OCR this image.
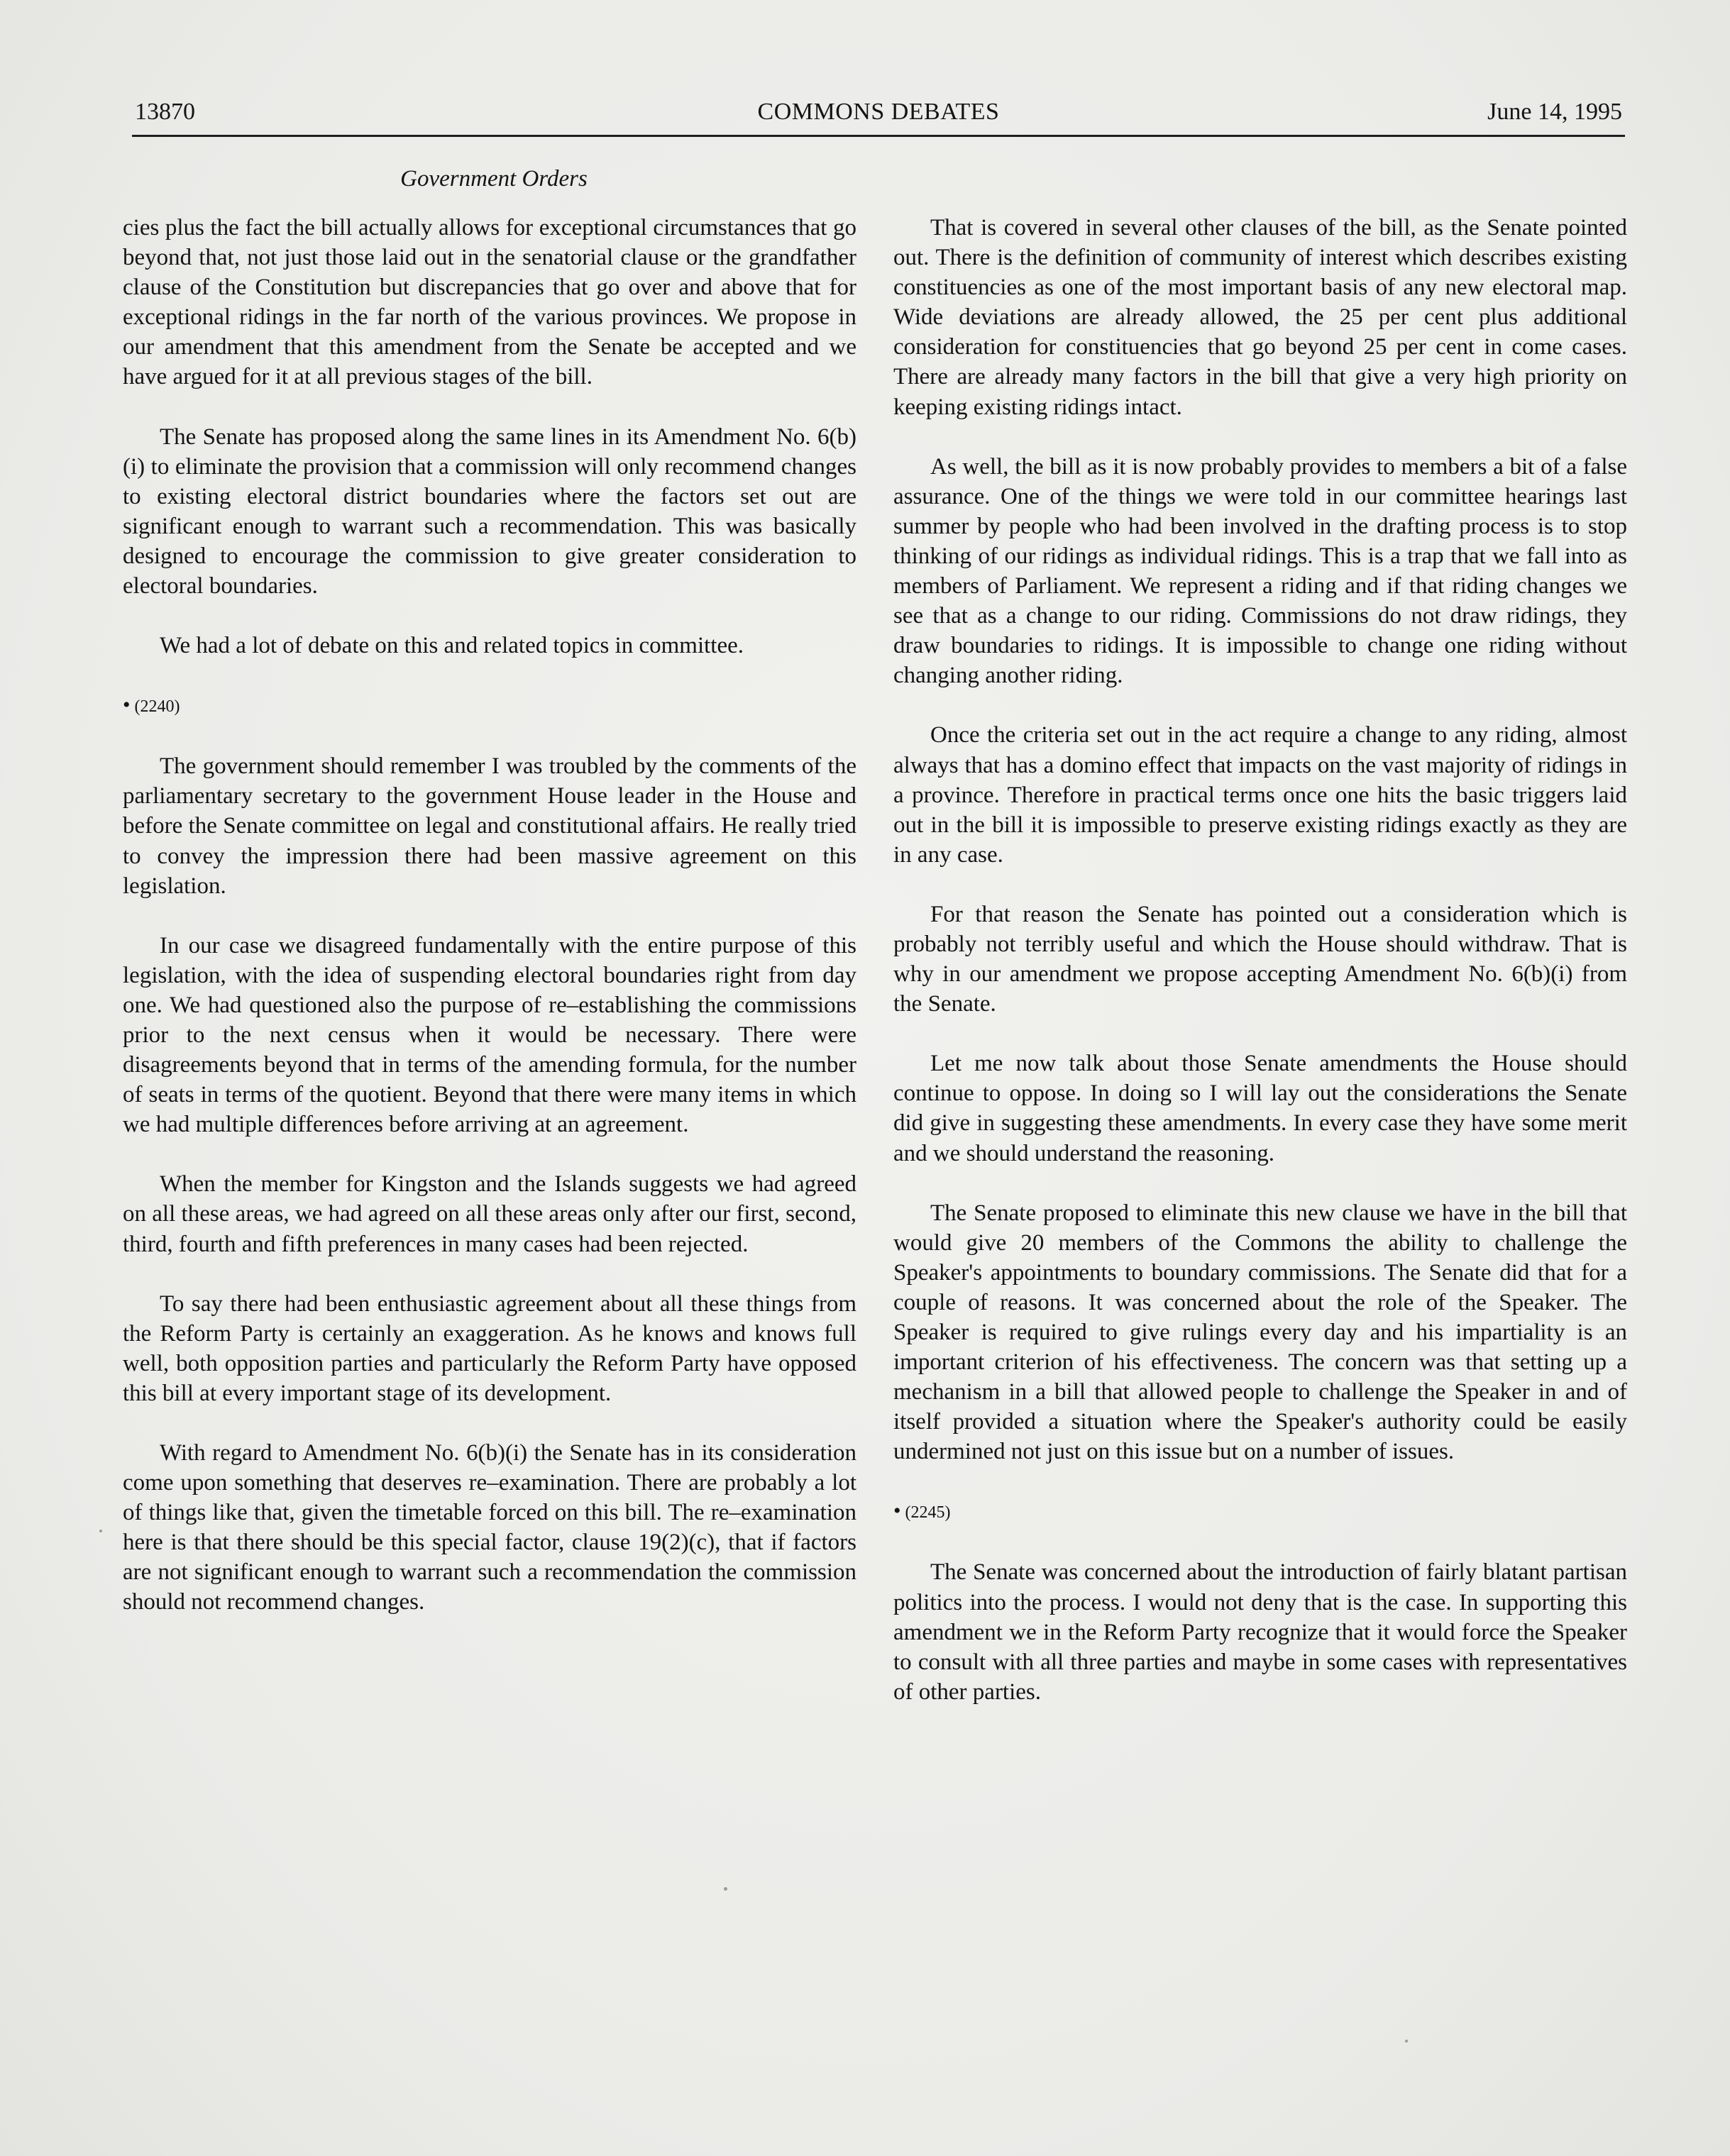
13870	COMMONS DEBATES	June 14, 1995
Government Orders

cies plus the fact the bill actually allows for exceptional circumstances that go beyond that, not just those laid out in the senatorial clause or the grandfather clause of the Constitution but discrepancies that go over and above that for exceptional ridings in the far north of the various provinces. We propose in our amendment that this amendment from the Senate be accepted and we have argued for it at all previous stages of the bill.

The Senate has proposed along the same lines in its Amendment No. 6(b)(i) to eliminate the provision that a commission will only recommend changes to existing electoral district boundaries where the factors set out are significant enough to warrant such a recommendation. This was basically designed to encourage the commission to give greater consideration to electoral boundaries.

We had a lot of debate on this and related topics in committee.

• (2240)

The government should remember I was troubled by the comments of the parliamentary secretary to the government House leader in the House and before the Senate committee on legal and constitutional affairs. He really tried to convey the impression there had been massive agreement on this legislation.

In our case we disagreed fundamentally with the entire purpose of this legislation, with the idea of suspending electoral boundaries right from day one. We had questioned also the purpose of re–establishing the commissions prior to the next census when it would be necessary. There were disagreements beyond that in terms of the amending formula, for the number of seats in terms of the quotient. Beyond that there were many items in which we had multiple differences before arriving at an agreement.

When the member for Kingston and the Islands suggests we had agreed on all these areas, we had agreed on all these areas only after our first, second, third, fourth and fifth preferences in many cases had been rejected.

To say there had been enthusiastic agreement about all these things from the Reform Party is certainly an exaggeration. As he knows and knows full well, both opposition parties and particularly the Reform Party have opposed this bill at every important stage of its development.

With regard to Amendment No. 6(b)(i) the Senate has in its consideration come upon something that deserves re–examination. There are probably a lot of things like that, given the timetable forced on this bill. The re–examination here is that there should be this special factor, clause 19(2)(c), that if factors are not significant enough to warrant such a recommendation the commission should not recommend changes.

That is covered in several other clauses of the bill, as the Senate pointed out. There is the definition of community of interest which describes existing constituencies as one of the most important basis of any new electoral map. Wide deviations are already allowed, the 25 per cent plus additional consideration for constituencies that go beyond 25 per cent in come cases. There are already many factors in the bill that give a very high priority on keeping existing ridings intact.

As well, the bill as it is now probably provides to members a bit of a false assurance. One of the things we were told in our committee hearings last summer by people who had been involved in the drafting process is to stop thinking of our ridings as individual ridings. This is a trap that we fall into as members of Parliament. We represent a riding and if that riding changes we see that as a change to our riding. Commissions do not draw ridings, they draw boundaries to ridings. It is impossible to change one riding without changing another riding.

Once the criteria set out in the act require a change to any riding, almost always that has a domino effect that impacts on the vast majority of ridings in a province. Therefore in practical terms once one hits the basic triggers laid out in the bill it is impossible to preserve existing ridings exactly as they are in any case.

For that reason the Senate has pointed out a consideration which is probably not terribly useful and which the House should withdraw. That is why in our amendment we propose accepting Amendment No. 6(b)(i) from the Senate.

Let me now talk about those Senate amendments the House should continue to oppose. In doing so I will lay out the considerations the Senate did give in suggesting these amendments. In every case they have some merit and we should understand the reasoning.

The Senate proposed to eliminate this new clause we have in the bill that would give 20 members of the Commons the ability to challenge the Speaker's appointments to boundary commissions. The Senate did that for a couple of reasons. It was concerned about the role of the Speaker. The Speaker is required to give rulings every day and his impartiality is an important criterion of his effectiveness. The concern was that setting up a mechanism in a bill that allowed people to challenge the Speaker in and of itself provided a situation where the Speaker's authority could be easily undermined not just on this issue but on a number of issues.

• (2245)

The Senate was concerned about the introduction of fairly blatant partisan politics into the process. I would not deny that is the case. In supporting this amendment we in the Reform Party recognize that it would force the Speaker to consult with all three parties and maybe in some cases with representatives of other parties.
